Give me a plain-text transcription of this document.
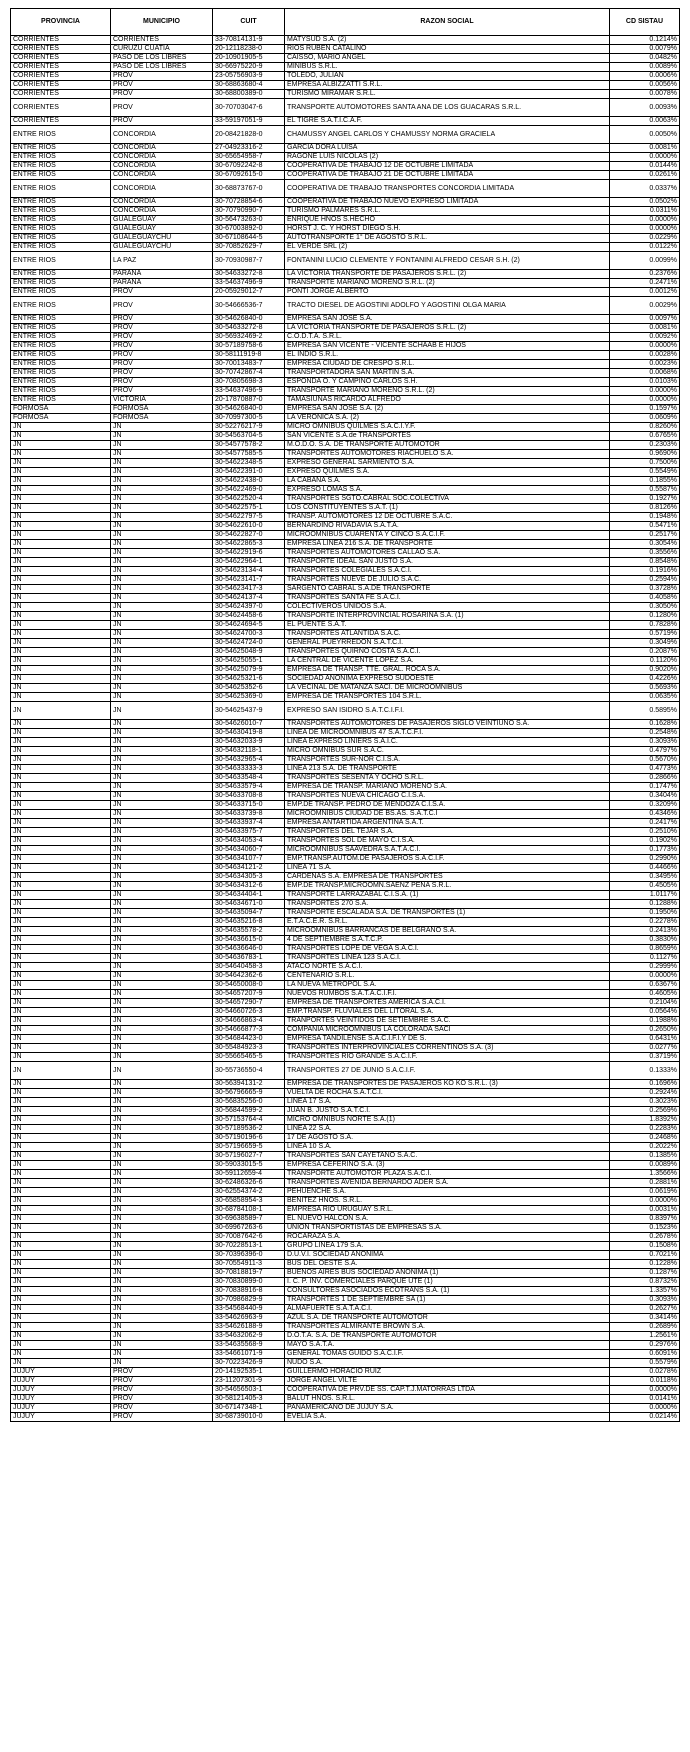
PROVINCIA	MUNICIPIO	CUIT	RAZON SOCIAL	CD SISTAU
CORRIENTES	CORRIENTES	33-70814131-9	MATYSUD S.A. (2)	0.1214%
CORRIENTES	CURUZU CUATIA	20-12118238-0	RIOS RUBEN CATALINO	0.0079%
CORRIENTES	PASO DE LOS LIBRES	20-10901905-5	CAISSO, MARIO ANGEL	0.0482%
CORRIENTES	PASO DE LOS LIBRES	30-66975220-9	MINIBUS S.R.L.	0.0089%
CORRIENTES	PROV	23-05756903-9	TOLEDO, JULIAN	0.0006%
CORRIENTES	PROV	30-68863680-4	EMPRESA ALBIZZATTI S.R.L.	0.0056%
CORRIENTES	PROV	30-68800389-0	TURISMO MIRAMAR S.R.L.	0.0078%
CORRIENTES	PROV	30-70703047-6	TRANSPORTE AUTOMOTORES SANTA ANA DE LOS GUACARAS S.R.L.	0.0093%
CORRIENTES	PROV	33-59197051-9	EL TIGRE S.A.T.I.C.A.F.	0.0063%
ENTRE RIOS	CONCORDIA	20-08421828-0	CHAMUSSY ANGEL CARLOS Y CHAMUSSY NORMA GRACIELA	0.0050%
ENTRE RIOS	CONCORDIA	27-04923316-2	GARCIA DORA LUISA	0.0081%
ENTRE RIOS	CONCORDIA	30-65654958-7	RAGONE LUIS NICOLAS (2)	0.0000%
ENTRE RIOS	CONCORDIA	30-67092242-8	COOPERATIVA DE TRABAJO 12 DE OCTUBRE LIMITADA	0.0144%
ENTRE RIOS	CONCORDIA	30-67092615-0	COOPERATIVA DE TRABAJO 21 DE OCTUBRE LIMITADA	0.0261%
ENTRE RIOS	CONCORDIA	30-68873767-0	COOPERATIVA DE TRABAJO TRANSPORTES CONCORDIA LIMITADA	0.0337%
ENTRE RIOS	CONCORDIA	30-70728854-6	COOPERATIVA DE TRABAJO NUEVO EXPRESO LIMITADA	0.0502%
ENTRE RIOS	CONCORDIA	30-70790990-7	TURISMO PALMARES S.R.L.	0.0311%
ENTRE RIOS	GUALEGUAY	30-56473263-0	ENRIQUE HNOS S.HECHO	0.0000%
ENTRE RIOS	GUALEGUAY	30-67003892-0	HORST J. C. Y HORST DIEGO S.H.	0.0000%
ENTRE RIOS	GUALEGUAYCHU	30-67108644-5	AUTOTRANSPORTE 1° DE AGOSTO S.R.L.	0.0229%
ENTRE RIOS	GUALEGUAYCHU	30-70852629-7	EL VERDE SRL (2)	0.0122%
ENTRE RIOS	LA PAZ	30-70930987-7	FONTANINI LUCIO CLEMENTE Y FONTANINI ALFREDO CESAR S.H. (2)	0.0099%
ENTRE RIOS	PARANA	30-54633272-8	LA VICTORIA TRANSPORTE DE PASAJEROS S.R.L. (2)	0.2376%
ENTRE RIOS	PARANA	33-54637496-9	TRANSPORTE MARIANO MORENO S.R.L. (2)	0.2471%
ENTRE RIOS	PROV	20-05929012-7	PONTI JORGE ALBERTO	0.0012%
ENTRE RIOS	PROV	30-54666536-7	TRACTO DIESEL DE AGOSTINI ADOLFO Y AGOSTINI OLGA MARIA	0.0029%
ENTRE RIOS	PROV	30-54626840-0	EMPRESA SAN JOSE S.A.	0.0097%
ENTRE RIOS	PROV	30-54633272-8	LA VICTORIA TRANSPORTE DE PASAJEROS S.R.L. (2)	0.0081%
ENTRE RIOS	PROV	30-56932469-2	C.O.D.T.A. S.R.L.	0.0092%
ENTRE RIOS	PROV	30-57189758-6	EMPRESA SAN VICENTE - VICENTE SCHAAB E HIJOS	0.0000%
ENTRE RIOS	PROV	30-58111919-8	EL INDIO S.R.L.	0.0028%
ENTRE RIOS	PROV	30-70013483-7	EMPRESA CIUDAD DE CRESPO S.R.L.	0.0023%
ENTRE RIOS	PROV	30-70742867-4	TRANSPORTADORA SAN MARTIN S.A.	0.0068%
ENTRE RIOS	PROV	30-70805698-3	ESPONDA O. Y CAMPIÑO CARLOS S.H.	0.0103%
ENTRE RIOS	PROV	33-54637496-9	TRANSPORTE MARIANO MORENO S.R.L. (2)	0.0000%
ENTRE RIOS	VICTORIA	20-17870887-0	TAMASIUNAS RICARDO ALFREDO	0.0000%
FORMOSA	FORMOSA	30-54626840-0	EMPRESA SAN JOSE S.A. (2)	0.1597%
FORMOSA	FORMOSA	30-70997300-5	LA VERONICA S.A. (2)	0.0609%
JN	JN	30-52276217-9	MICRO OMNIBUS QUILMES S.A.C.I.Y.F.	0.8260%
JN	JN	30-54563704-5	SAN VICENTE S.A.de TRANSPORTES	0.6765%
JN	JN	30-54577578-2	M.O.D.O. S.A. DE TRANSPORTE AUTOMOTOR	0.2303%
JN	JN	30-54577585-5	TRANSPORTES AUTOMOTORES RIACHUELO S.A.	0.9690%
JN	JN	30-54622348-5	EXPRESO GENERAL SARMIENTO S.A.	0.7500%
JN	JN	30-54622391-0	EXPRESO QUILMES S.A.	0.5549%
JN	JN	30-54622438-0	LA CABAÑA S.A.	0.1855%
JN	JN	30-54622469-0	EXPRESO LOMAS S.A.	0.5587%
JN	JN	30-54622520-4	TRANSPORTES SGTO.CABRAL SOC.COLECTIVA	0.1927%
JN	JN	30-54622575-1	LOS CONSTITUYENTES S.A.T. (1)	0.8126%
JN	JN	30-54622797-5	TRANSP. AUTOMOTORES 12 DE OCTUBRE S.A.C.	0.1948%
JN	JN	30-54622610-0	BERNARDINO RIVADAVIA S.A.T.A.	0.5471%
JN	JN	30-54622827-0	MICROOMNIBUS CUARENTA Y CINCO S.A.C.I.F.	0.2517%
JN	JN	30-54622865-3	EMPRESA LINEA 216 S.A. DE TRANSPORTE	0.3054%
JN	JN	30-54622919-6	TRANSPORTES AUTOMOTORES CALLAO S.A.	0.3556%
JN	JN	30-54622964-1	TRANSPORTE IDEAL SAN JUSTO S.A.	0.8548%
JN	JN	30-54623134-4	TRANSPORTES COLEGIALES S.A.C.I.	0.1916%
JN	JN	30-54623141-7	TRANSPORTES NUEVE DE JULIO S.A.C.	0.2594%
JN	JN	30-54623417-3	SARGENTO CABRAL S.A.DE TRANSPORTE	0.3728%
JN	JN	30-54624137-4	TRANSPORTES SANTA FE S.A.C.I.	0.4058%
JN	JN	30-54624397-0	COLECTIVEROS UNIDOS S.A.	0.3050%
JN	JN	30-54624458-6	TRANSPORTE INTERPROVINCIAL ROSARINA S.A. (1)	0.1280%
JN	JN	30-54624694-5	EL PUENTE S.A.T.	0.7828%
JN	JN	30-54624700-3	TRANSPORTES ATLANTIDA S.A.C.	0.5719%
JN	JN	30-54624724-0	GENERAL PUEYRREDON S.A.T.C.I.	0.3049%
JN	JN	30-54625048-9	TRANSPORTES QUIRNO COSTA S.A.C.I.	0.2087%
JN	JN	30-54625055-1	LA CENTRAL DE VICENTE LOPEZ S.A.	0.1120%
JN	JN	30-54625079-9	EMPRESA DE TRANSP. TTE. GRAL. ROCA S.A.	0.9020%
JN	JN	30-54625321-6	SOCIEDAD ANONIMA EXPRESO SUDOESTE	0.4226%
JN	JN	30-54625352-6	LA VECINAL DE MATANZA SACI. DE MICROOMNIBUS	0.5693%
JN	JN	30-54625369-0	EMPRESA DE TRANSPORTES 104 S.R.L.	0.0635%
JN	JN	30-54625437-9	EXPRESO SAN ISIDRO S.A.T.C.I.F.I.	0.5895%
JN	JN	30-54626010-7	TRANSPORTES AUTOMOTORES DE PASAJEROS SIGLO VEINTIUNO S.A.	0.1628%
JN	JN	30-54630419-8	LINEA DE MICROOMNIBUS 47 S.A.T.C.F.I.	0.2548%
JN	JN	30-54632033-9	LINEA EXPRESO LINIERS S.A.I.C.	0.3093%
JN	JN	30-54632118-1	MICRO OMNIBUS SUR S.A.C.	0.4797%
JN	JN	30-54632965-4	TRANSPORTES SUR-NOR C.I.S.A.	0.5670%
JN	JN	30-54633333-3	LINEA 213 S.A. DE TRANSPORTE	0.4773%
JN	JN	30-54633548-4	TRANSPORTES SESENTA Y OCHO S.R.L.	0.2866%
JN	JN	30-54633579-4	EMPRESA DE TRANSP. MARIANO MORENO S.A.	0.1747%
JN	JN	30-54633708-8	TRANSPORTES NUEVA CHICAGO C.I.S.A.	0.3404%
JN	JN	30-54633715-0	EMP.DE TRANSP. PEDRO DE MENDOZA C.I.S.A.	0.3209%
JN	JN	30-54633739-8	MICROOMNIBUS CIUDAD DE BS.AS. S.A.T.C.I	0.4346%
JN	JN	30-54633937-4	EMPRESA ANTARTIDA ARGENTINA S.A.T.	0.2417%
JN	JN	30-54633975-7	TRANSPORTES DEL TEJAR S.A.	0.2510%
JN	JN	30-54634053-4	TRANSPORTES SOL DE MAYO C.I.S.A.	0.1902%
JN	JN	30-54634060-7	MICROOMNIBUS SAAVEDRA S.A.T.A.C.I.	0.1773%
JN	JN	30-54634107-7	EMP.TRANSP.AUTOM.DE PASAJEROS S.A.C.I.F.	0.2990%
JN	JN	30-54634121-2	LINEA 71 S.A.	0.4466%
JN	JN	30-54634305-3	CARDENAS S.A. EMPRESA DE TRANSPORTES	0.3495%
JN	JN	30-54634312-6	EMP.DE TRANSP.MICROOMN.SAENZ PEÑA S.R.L.	0.4505%
JN	JN	30-54634404-1	TRANSPORTE LARRAZABAL C.I.S.A. (1)	1.0117%
JN	JN	30-54634671-0	TRANSPORTES 270 S.A.	0.1288%
JN	JN	30-54635094-7	TRANSPORTE ESCALADA S.A. DE TRANSPORTES (1)	0.1950%
JN	JN	30-54635216-8	E.T.A.C.E.R. S.R.L.	0.2278%
JN	JN	30-54635578-2	MICROOMNIBUS BARRANCAS DE BELGRANO S.A.	0.2413%
JN	JN	30-54636615-0	4 DE SEPTIEMBRE S.A.T.C.P.	0.3830%
JN	JN	30-54636646-0	TRANSPORTES LOPE DE VEGA S.A.C.I.	0.8659%
JN	JN	30-54636783-1	TRANSPORTES LINEA 123 S.A.C.I.	0.1127%
JN	JN	30-54640458-3	ATACO NORTE S.A.C.I.	0.2999%
JN	JN	30-54642362-6	CENTENARIO S.R.L.	0.0000%
JN	JN	30-54650008-0	LA NUEVA METROPOL S.A.	0.6367%
JN	JN	30-54657207-9	NUEVOS RUMBOS S.A.T.A.C.I.F.I.	0.4605%
JN	JN	30-54657290-7	EMPRESA DE TRANSPORTES AMERICA S.A.C.I.	0.2104%
JN	JN	30-54660726-3	EMP.TRANSP. FLUVIALES DEL LITORAL S.A.	0.0564%
JN	JN	30-54666863-4	TRANPORTES VEINTIDOS DE SETIEMBRE S.A.C.	0.1988%
JN	JN	30-54666877-3	COMPAÑIA MICROOMNIBUS LA COLORADA SACI	0.2650%
JN	JN	30-54684423-0	EMPRESA TANDILENSE S.A.C.I.F.I.Y DE S.	0.6431%
JN	JN	30-55484923-3	TRANSPORTES INTERPROVINCIALES CORRENTINOS S.A. (3)	0.0277%
JN	JN	30-55665465-5	TRANSPORTES RIO GRANDE S.A.C.I.F.	0.3719%
JN	JN	30-55736550-4	TRANSPORTES 27 DE JUNIO S.A.C.I.F.	0.1333%
JN	JN	30-56394131-2	EMPRESA DE TRANSPORTES DE PASAJEROS KO KO S.R.L. (3)	0.1696%
JN	JN	30-56796665-9	VUELTA DE ROCHA S.A.T.C.I.	0.2924%
JN	JN	30-56835256-0	LINEA 17 S.A.	0.3023%
JN	JN	30-56844599-2	JUAN B. JUSTO S.A.T.C.I.	0.2569%
JN	JN	30-57153764-4	MICRO OMNIBUS NORTE S.A.(1)	1.8392%
JN	JN	30-57189536-2	LINEA 22 S.A.	0.2283%
JN	JN	30-57190196-6	17 DE AGOSTO S.A.	0.2468%
JN	JN	30-57196659-5	LINEA 10 S.A.	0.2022%
JN	JN	30-57196027-7	TRANSPORTES SAN CAYETANO S.A.C.	0.1385%
JN	JN	30-59033015-5	EMPRESA CEFERINO S.A. (3)	0.0089%
JN	JN	30-59112659-4	TRANSPORTE AUTOMOTOR PLAZA S.A.C.I.	1.3566%
JN	JN	30-62486326-6	TRANSPORTES AVENIDA BERNARDO ADER S.A.	0.2881%
JN	JN	30-62554374-2	PEHUENCHE S.A.	0.0619%
JN	JN	30-65858954-3	BENITEZ HNOS. S.R.L.	0.0000%
JN	JN	30-68784108-1	EMPRESA RIO URUGUAY S.R.L.	0.0031%
JN	JN	30-69638589-7	EL NUEVO HALCON S.A.	0.8397%
JN	JN	30-69967263-6	UNION TRANSPORTISTAS DE EMPRESAS S.A.	0.1523%
JN	JN	30-70087642-6	ROCARAZA S.A.	0.2678%
JN	JN	30-70228513-1	GRUPO LINEA 179 S.A.	0.1508%
JN	JN	30-70396396-0	D.U.V.I. SOCIEDAD ANONIMA	0.7021%
JN	JN	30-70554911-3	BUS DEL OESTE S.A.	0.1228%
JN	JN	30-70818819-7	BUENOS AIRES BUS SOCIEDAD ANONIMA (1)	0.1287%
JN	JN	30-70830899-0	I. C. P. INV. COMERCIALES PARQUE UTE (1)	0.8732%
JN	JN	30-70838916-8	CONSULTORES ASOCIADOS ECOTRANS S.A. (1)	1.3357%
JN	JN	30-70986829-9	TRANSPORTES 1 DE SEPTIEMBRE SA (1)	0.3093%
JN	JN	33-54568440-9	ALMAFUERTE S.A.T.A.C.I.	0.2627%
JN	JN	33-54626963-9	AZUL S.A. DE TRANSPORTE AUTOMOTOR	0.3414%
JN	JN	33-54626188-9	TRANSPORTES ALMIRANTE BROWN S.A.	0.2689%
JN	JN	33-54632062-9	D.O.T.A. S.A. DE TRANSPORTE AUTOMOTOR	1.2561%
JN	JN	33-54635568-9	MAYO S.A.T.A.	0.2976%
JN	JN	33-54661071-9	GENERAL TOMAS GUIDO S.A.C.I.F.	0.6091%
JN	JN	30-70223426-9	NUDO S.A.	0.5579%
JUJUY	PROV	20-14192535-1	GUILLERMO HORACIO RUIZ	0.0278%
JUJUY	PROV	23-11207301-9	JORGE ANGEL VILTE	0.0118%
JUJUY	PROV	30-54656503-1	COOPERATIVA DE PRV.DE SS. CAP.T.J.MATORRAS LTDA	0.0000%
JUJUY	PROV	30-58121405-3	BALUT HNOS. S.R.L.	0.0141%
JUJUY	PROV	30-67147348-1	PANAMERICANO DE JUJUY S.A.	0.0000%
JUJUY	PROV	30-68739010-0	EVELIA S.A.	0.0214%
